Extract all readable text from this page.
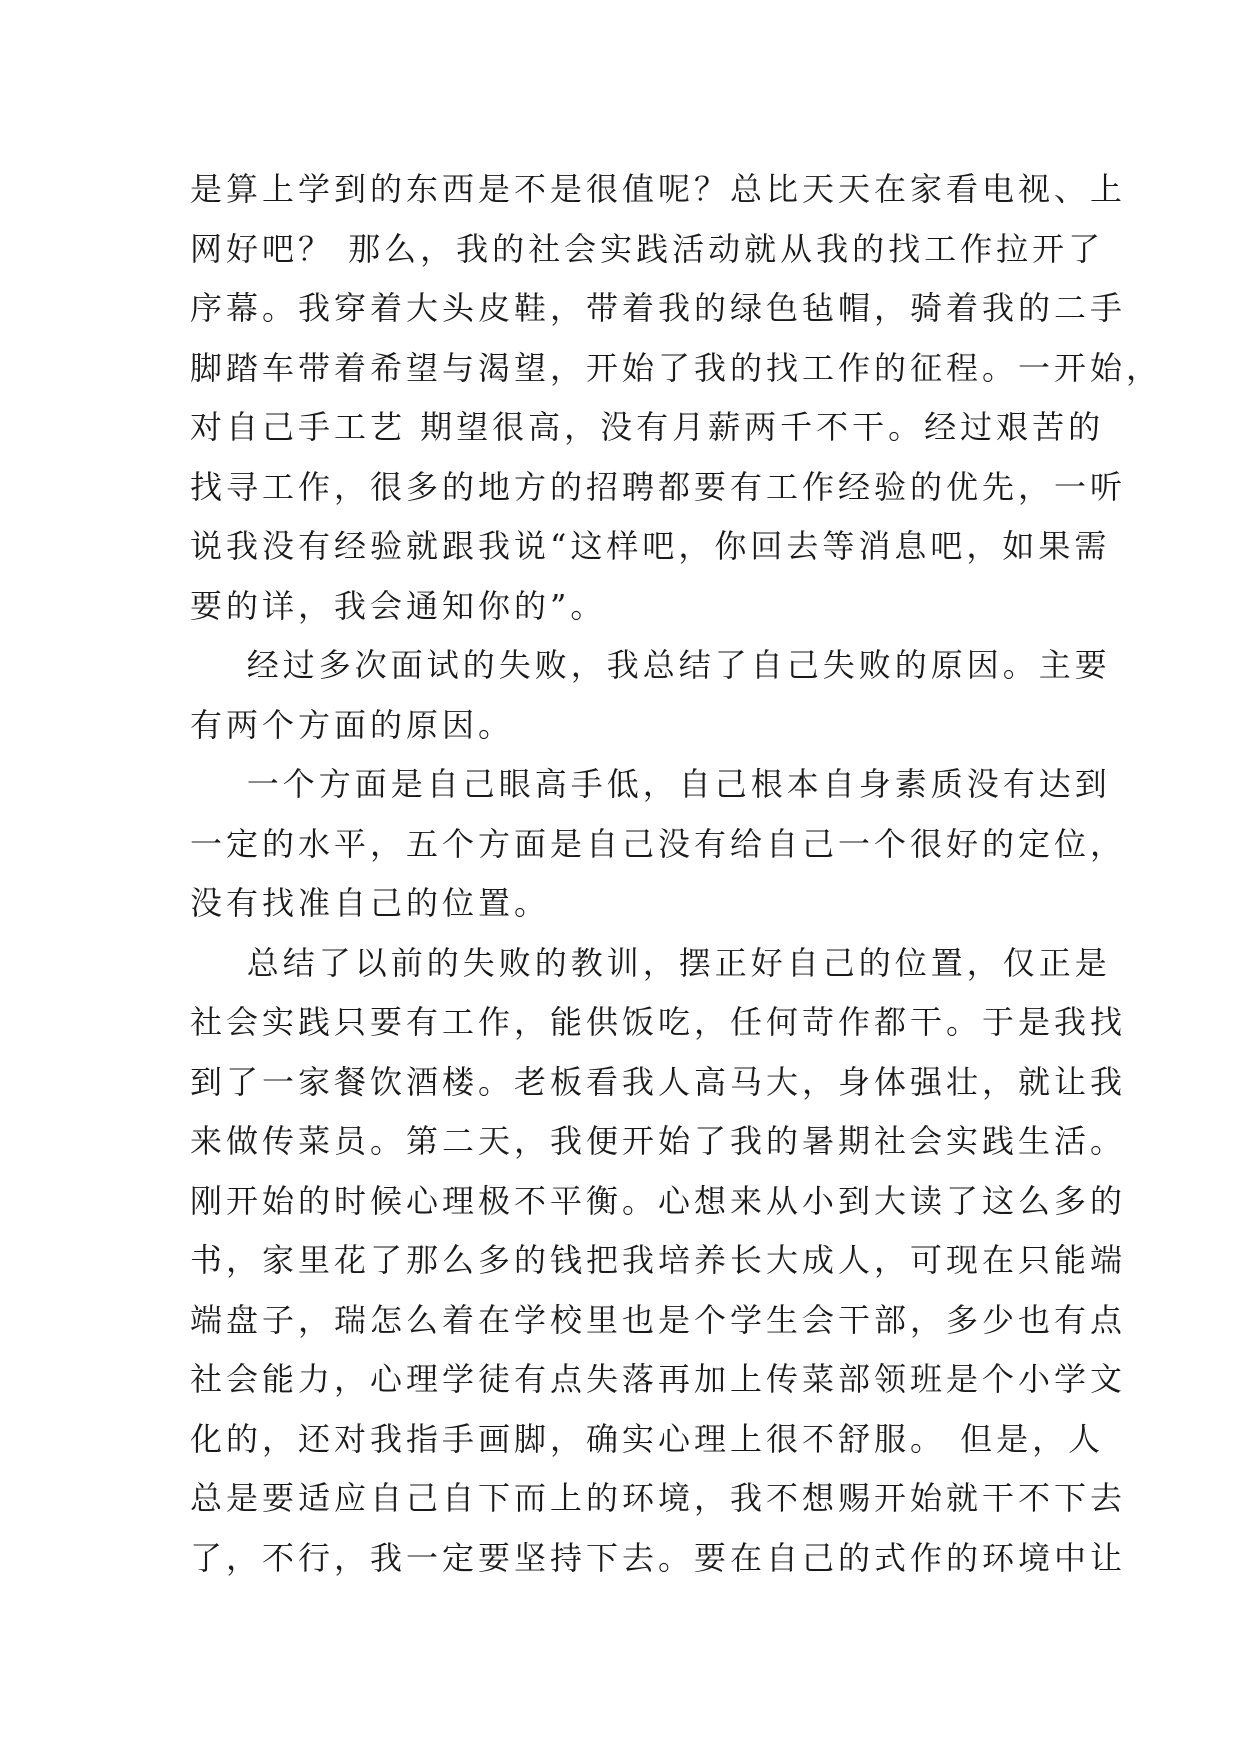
是算上学到的东西是不是很值呢？总比天天在家看电视、上
网好吧？ 那么，我的社会实践活动就从我的找工作拉开了
序幕。我穿着大头皮鞋，带着我的绿色毡帽，骑着我的二手
脚踏车带着希望与渴望，开始了我的找工作的征程。一开始，
对自己手工艺 期望很高，没有月薪两千不干。经过艰苦的
找寻工作，很多的地方的招聘都要有工作经验的优先，一听
说我没有经验就跟我说“这样吧，你回去等消息吧，如果需
要的详，我会通知你的”。
经过多次面试的失败，我总结了自己失败的原因。主要
有两个方面的原因。
一个方面是自己眼高手低，自己根本自身素质没有达到
一定的水平，五个方面是自己没有给自己一个很好的定位，
没有找准自己的位置。
总结了以前的失败的教训，摆正好自己的位置，仅正是
社会实践只要有工作，能供饭吃，任何苛作都干。于是我找
到了一家餐饮酒楼。老板看我人高马大，身体强壮，就让我
来做传菜员。第二天，我便开始了我的暑期社会实践生活。
刚开始的时候心理极不平衡。心想来从小到大读了这么多的
书，家里花了那么多的钱把我培养长大成人，可现在只能端
端盘子，瑞怎么着在学校里也是个学生会干部，多少也有点
社会能力，心理学徒有点失落再加上传菜部领班是个小学文
化的，还对我指手画脚，确实心理上很不舒服。 但是，人
总是要适应自己自下而上的环境，我不想赐开始就干不下去
了，不行，我一定要坚持下去。要在自己的式作的环境中让
